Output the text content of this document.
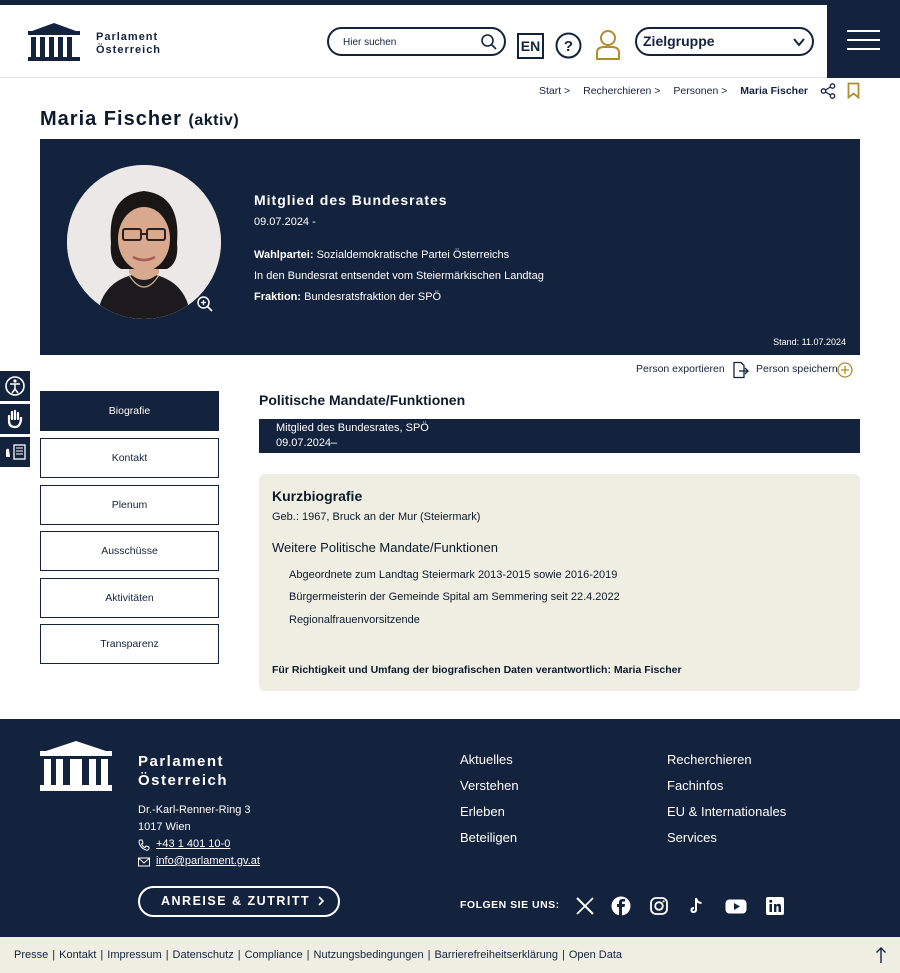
Parlament
Österreich
Hier suchen	EN ?	Zielgruppe
Start > Recherchieren > Personen > Maria Fischer
Maria Fischer (aktiv)
Mitglied des Bundesrates
09.07.2024 -
Wahlpartei: Sozialdemokratische Partei Österreichs
In den Bundesrat entsendet vom Steiermärkischen Landtag
Fraktion: Bundesratsfraktion der SPÖ
Stand: 11.07.2024
Person exportieren	Person speichern
Biografie
Kontakt
Plenum
Ausschüsse
Aktivitäten
Transparenz
Politische Mandate/Funktionen
Mitglied des Bundesrates, SPÖ
09.07.2024–
Kurzbiografie
Geb.: 1967, Bruck an der Mur (Steiermark)
Weitere Politische Mandate/Funktionen
Abgeordnete zum Landtag Steiermark 2013-2015 sowie 2016-2019
Bürgermeisterin der Gemeinde Spital am Semmering seit 22.4.2022
Regionalfrauenvorsitzende
Für Richtigkeit und Umfang der biografischen Daten verantwortlich: Maria Fischer
Parlament
Österreich
Dr.-Karl-Renner-Ring 3
1017 Wien
+43 1 401 10-0
info@parlament.gv.at
ANREISE & ZUTRITT
Aktuelles
Verstehen
Erleben
Beteiligen
Recherchieren
Fachinfos
EU & Internationales
Services
FOLGEN SIE UNS:
Presse | Kontakt | Impressum | Datenschutz | Compliance | Nutzungsbedingungen | Barrierefreiheitserklärung | Open Data
